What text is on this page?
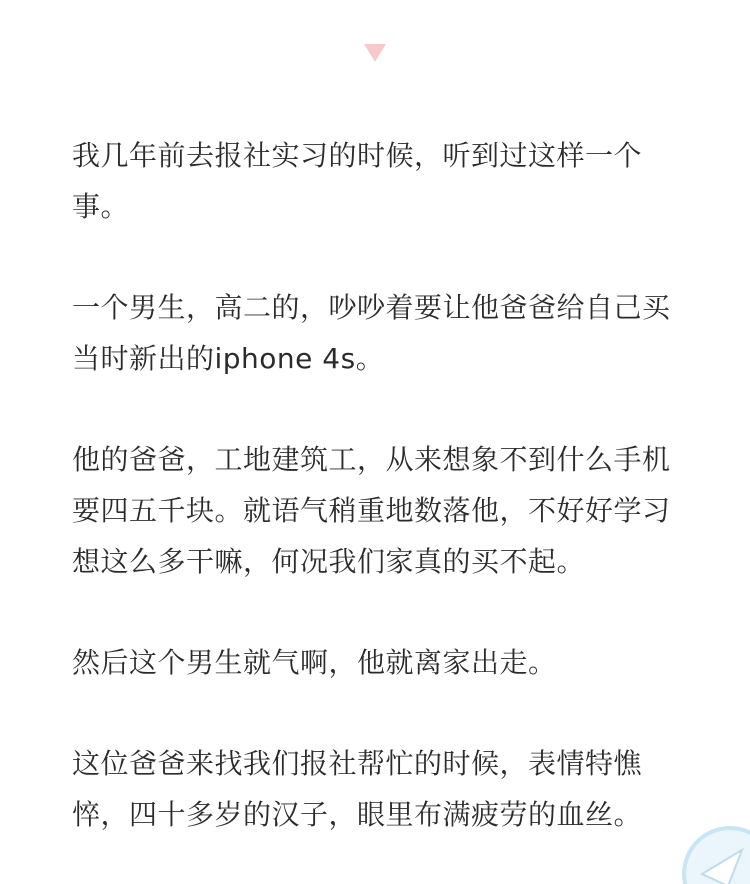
我几年前去报社实习的时候，听到过这样一个事。

一个男生，高二的，吵吵着要让他爸爸给自己买当时新出的iphone 4s。

他的爸爸，工地建筑工，从来想象不到什么手机要四五千块。就语气稍重地数落他，不好好学习想这么多干嘛，何况我们家真的买不起。

然后这个男生就气啊，他就离家出走。

这位爸爸来找我们报社帮忙的时候，表情特憔悴，四十多岁的汉子，眼里布满疲劳的血丝。
